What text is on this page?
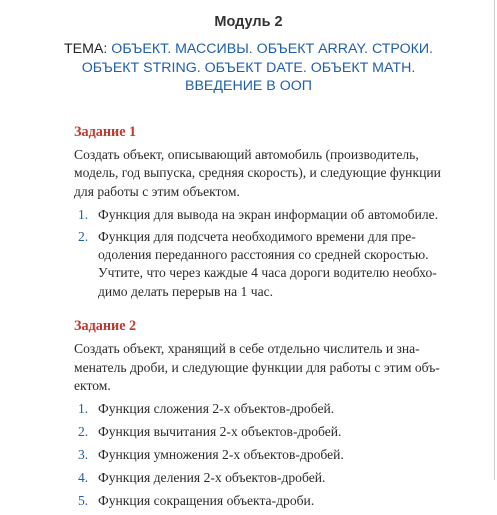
Модуль 2
ТЕМА: ОБЪЕКТ. МАССИВЫ. ОБЪЕКТ ARRAY. СТРОКИ.
ОБЪЕКТ STRING. ОБЪЕКТ DATE. ОБЪЕКТ MATH.
ВВЕДЕНИЕ В ООП
Задание 1
Создать объект, описывающий автомобиль (производитель,
модель, год выпуска, средняя скорость), и следующие функции
для работы с этим объектом.
1. Функция для вывода на экран информации об автомобиле.
2. Функция для подсчета необходимого времени для пре-
одоления переданного расстояния со средней скоростью.
Учтите, что через каждые 4 часа дороги водителю необхо-
димо делать перерыв на 1 час.
Задание 2
Создать объект, хранящий в себе отдельно числитель и зна-
менатель дроби, и следующие функции для работы с этим объ-
ектом.
1. Функция сложения 2-х объектов-дробей.
2. Функция вычитания 2-х объектов-дробей.
3. Функция умножения 2-х объектов-дробей.
4. Функция деления 2-х объектов-дробей.
5. Функция сокращения объекта-дроби.
